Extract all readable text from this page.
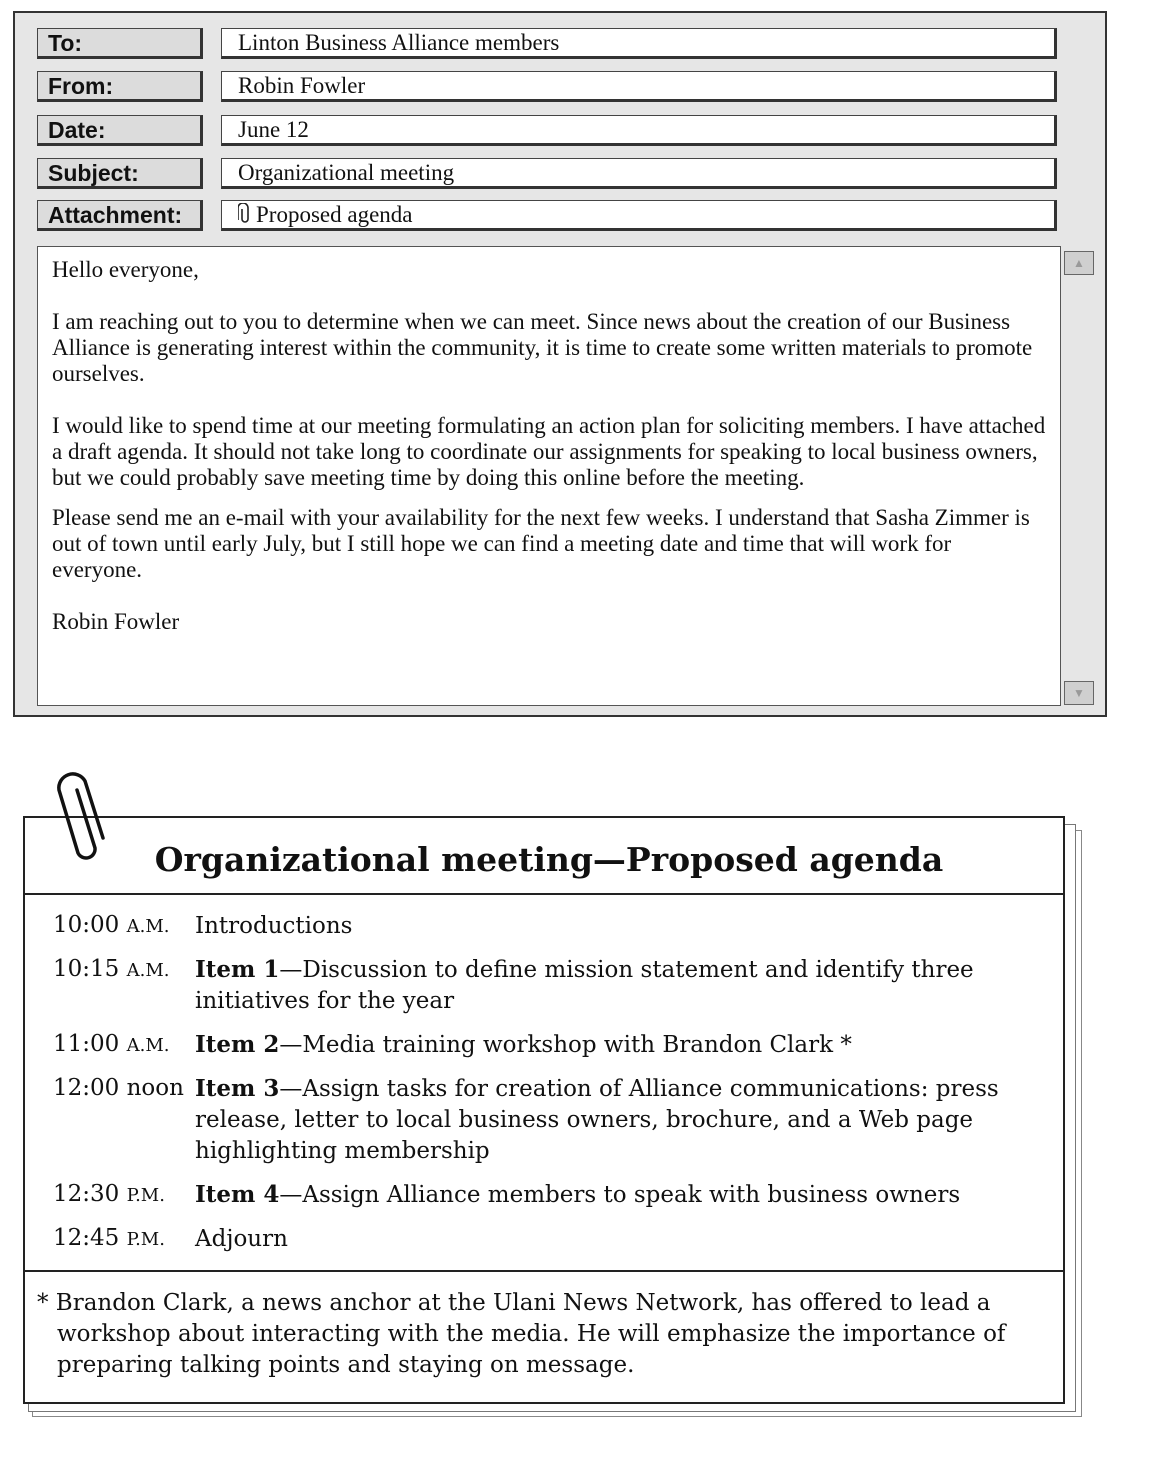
To:	Linton Business Alliance members
From:	Robin Fowler
Date:	June 12
Subject:	Organizational meeting
Attachment:	Proposed agenda

Hello everyone,

I am reaching out to you to determine when we can meet. Since news about the creation of our Business Alliance is generating interest within the community, it is time to create some written materials to promote ourselves.

I would like to spend time at our meeting formulating an action plan for soliciting members. I have attached a draft agenda. It should not take long to coordinate our assignments for speaking to local business owners, but we could probably save meeting time by doing this online before the meeting.

Please send me an e-mail with your availability for the next few weeks. I understand that Sasha Zimmer is out of town until early July, but I still hope we can find a meeting date and time that will work for everyone.

Robin Fowler

▲
▼
Organizational meeting—Proposed agenda
10:00 A.M.	Introductions
10:15 A.M.	Item 1—Discussion to define mission statement and identify three initiatives for the year
11:00 A.M.	Item 2—Media training workshop with Brandon Clark *
12:00 noon Item 3—Assign tasks for creation of Alliance communications: press release, letter to local business owners, brochure, and a Web page highlighting membership
12:30 P.M.	Item 4—Assign Alliance members to speak with business owners
12:45 P.M.	Adjourn
* Brandon Clark, a news anchor at the Ulani News Network, has offered to lead a workshop about interacting with the media. He will emphasize the importance of preparing talking points and staying on message.
